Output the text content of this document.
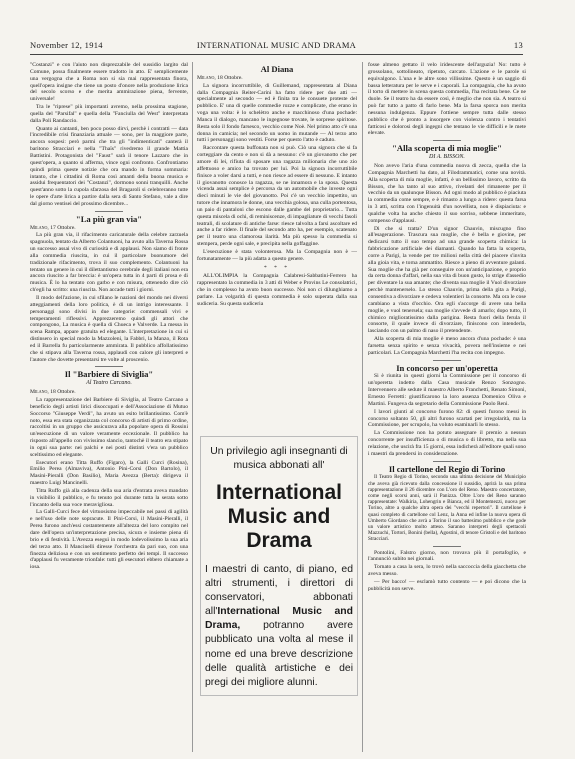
November 12, 1914	INTERNATIONAL MUSIC AND DRAMA	13

"Costanzi" e con l'aiuto non disprezzabile del sussidio largito dal Comune, possa finalmente essere tradotto in atto. E' semplicemente una vergogna che a Roma non si sia mai rappresentata finora, quell'opera insigne che tiene un posto d'onore nella produzione lirica del secolo scorso e che merita ammirazione piena, fervente, universale!

Tra le "riprese" più importanti avremo, nella prossima stagione, quella del "Parsifal" e quella della "Fanciulla del West" interpretata dalla Poli Randaccio.

Quanto ai cantanti, ben poco posso dirvi, perchè i contratti — data l'incredibile crisi finanziaria attuale — sono, per la maggiore parte, ancora sospesi: però parmi che tra gli "indimenticati" canterà il baritono Stracciari e nella "Thaïs" rivedremo il grande Mattia Battistini. Protagonista del "Faust" sarà il tenore Lazzaro che in quest'opera, a quanto si afferma, vince ogni confronto. Confrontiamo quindi prima queste notizie che ora mando in forma sommaria: intanto, che i cittadini di Roma così amanti della buona musica e assidui frequentatori dei "Costanzi", dormono sonni tranquilli. Anche quest'anno sotto la cupola sfarzosa del Bragaroli si celebreranno tutte le opere d'arte lirica a partire dalla sera di Santo Stefano, vale a dire dal giorno ventisei del prossimo dicembre...

"La più gran via"

Milano, 17 Ottobre.

La più gran via, il rifacimento caricaturale della celebre zarzuela spagnuola, tentato da Alberto Colantuoni, ha avuto alla Taverna Rossa un successo assai vivo di curiosità e di applausi. Non siamo di fronte alla commedia riuscita, in cui il particolare buonumore del tradizionale rifacimento, trova il suo complemento. Colantuoni ha tentato un genere in cui il dilettantismo cerebrale degli italiani non era ancora riuscito a far breccia: è un'opera tutta in 4 parti di prosa e di musica. È lo ha tentato con garbo e con misura, ottenendo dire ciò ch'egli ha scritto: una riuscita. Non accade tutti i giorni.

Il modo dell'azione, in cui sfilano le nazioni del mondo nei diversi atteggiamenti della loro politica, è di un intrigo interessante. I personaggi sono divisi in due categorie: commensali vivi e temperamenti riflessivi. Apprezzeremo quindi gli attori che compongono, La musica è quella di Chueca e Valverde. La messa in scena Rampa, appare gratuita ed elegante. L'interpretazione in cui si distinsero in special modo la Mazzoleni, la Fabbri, la Manzo, il Rota ed il Barrella fu particolarmente ammirata. Il pubblico affollatissimo che si stipava alla Taverna rossa, applaudì con calore gli interpreti e l'autore che dovette presentarsi tre volte al proscenio.

Il "Barbiere di Siviglia"
Al Teatro Carcano.

Milano, 18 Ottobre.

La rappresentazione del Barbiere di Siviglia, al Teatro Carcano a beneficio degli artisti lirici disoccupati e dell'Associazione di Mutuo Soccorso "Giuseppe Verdi", ha avuto un esito brillantissimo. Com'è noto, essa era stata organizzata col concorso di artisti di primo ordine, raccoltisi in un gruppo che assicurava alla popolare opera di Rossini un'esecuzione di un valore veramente eccezionale. Il pubblico ha risposto all'appello con vivissimo slancio, tantochè il teatro era stipato in ogni sua parte: nei palchi e nei posti distinti v'era un pubblico sceltissimo ed elegante.

Esecutori erano Titta Ruffo (Figaro), la Galli Curci (Rosina), Emilio Perea (Almaviva), Antonio Pini-Corsi (Don Bartolo), il Masini-Pieralli (Don Basilio), Maria Avezza (Berta): dirigeva il maestro Luigi Mancinelli.

Titta Ruffo già alla cadenza della sua aria d'entrata aveva mandato in visibilio il pubblico, e fu tenuto poi durante tutta la serata sotto l'incanto della sua voce meravigliosa.

La Galli-Curci fece del virtuosismo impeccabile nei passi di agilità e nell'uso delle note sopracute. Il Pini-Corsi, il Masini-Pieralli, il Perea furono anch'essi costantemente all'altezza del loro compito nel dare dell'opera un'interpretazione precisa, sicura e insieme piena di brio e di festività. L'Avezza eseguì in modo lodevolissimo la sua aria del terzo atto. Il Mancinelli diresse l'orchestra da pari suo, con una finezza deliziosa e con un sentimento perfetto dei tempi. Il successo d'applausi fu veramente trionfale: tutti gli esecutori ebbero chiamate a iosa.

Al Diana

Milano, 18 Ottobre.

La signora incorruttibile, di Guillemand, rappresentata al Diana dalla Compagnia Reiter-Carini ha fatto ridere per due atti — specialmente al secondo — ed è finita tra le consuete proteste del pubblico. E' una di quelle commedie rozze e complicate, che erano in voga una volta: è lo schelètro anche e macchinoso d'una pochade: Manca il dialogo, mancano le ingegnose trovate, le sorprese spiritose. Resta solo il fondo farsesco, vecchio come Noè. Nel primo atto c'è una donna in camicia; nel secondo un uomo in mutande — Al terzo atto tutti i personaggi sono vestiti. Forse per questo l'atto è caduto.

Raccontare questa buffonata non si può. Ciò una signora che si fa corteggiare da cento e non si dà a nessuno: c'è un giovanotto che per amore di lei, rifiuta di sposare una ragazza milionaria che uno zio affettuoso e amico ha trovato per lui. Poi la signora incorruttibile finisce a voler darsi a tutti, e non riesce ad essere di nessuno. E intanto il giovanotto conosce la ragazza, se ne innamora e la sposa. Questa vicenda assai semplice è percorsa da un automobile che investe ogni dieci minuti le vie del giovanotto. Poi c'è un vecchio impettito, un tutore che innamora le donne, una vecchia golosa, una culla portentosa, un paio di pantaloni che escono dalle gambe del proprietario... Tutta questa miscela di ochi, di reminiscenze, di impagliature di vecchi fasoli teatrali, di scolature di antiche farse: riesce talvolta a farsi ascoltare ed anche a far ridere. Il finale del secondo atto ha, per esempio, scatenato per il teatro una clamorosa ilarità. Ma più spesso la commedia si stempera, perde ogni sale, e precipita nella goffaggine.

L'esecuzione è stata volonterosa. Ma la Compagnia non è — fortunatamente — la più adatta a questo genere.

* * *

ALL'OLIMPIA la Compagnia Calabresi-Sabbatini-Ferrero ha rappresentato la commedia in 3 atti di Weber e Provins Le consolatrici, che in complesso ha avuto buon successo. Noi non ci dilunghiamo a parlare. La volgarità di questa commedia è solo superata dalla sua sudiceria. Su questa sudiceria

Un privilegio agli insegnanti di musica abbonati all'
International
Music and Drama
I maestri di canto, di piano, ed altri strumenti, i direttori di conservatori, abbonati all'International Music and Drama, potranno avere pubblicato una volta al mese il nome ed una breve descrizione delle qualità artistiche e dei pregi dei migliore alunni.

fosse almeno gettato il velo iridescente dell'arguzia! No: tutto è grossolano, sottolineato, ripetuto, carcato. L'azione e le parole si equivalgono. L'una e le altre sono villissime. Questo è un saggio di bassa letteratura per le serve e i caporali. La compagnia, che ha avuto il torto di mettere in scena questa commedia, l'ha recitata bene. Ce ne duole. Se il teatro ha da essere così, è meglio che non sia. A teatro si può far tutto a patto di farlo bene. Ma la farsa sporca non merita nessuna indulgenza. Eppure l'ottiene sempre tutta dalle stesso pubblico che è pronto a insorgere con violenza contro i tentativi fatticosi e dolorosi degli ingegni che tentano le vie difficili e le mete elevate.

"Alla scoperta di mia moglie"
DI A. BISSON.

Non avevo l'aria d'una commedia nuova di zecca, quella che la Compagnia Marchetti ha dato, al Filodrammatici, come una novità. Alla scoperta di mia moglie, infatti, è un bellissimo lavoro, scritto da Bisson, che ha tanto al suo attivo, rivelanti del rimanente per il vecchio da un qualunque Bisson. Ad ogni modo al pubblico è piaciuta la commedia come sempre, e è rimasto a lungo a ridere: questa farsa in 3 atti, scritta con l'ingenuità d'un novellista, non è dispiaciuta: e qualche volta ha anche chiesto il suo sorriso, sebbene immeritato, compenso d'applausi.

Di che si tratta? D'un signor Chauvin, miscugno fino all'esagerazione. Trascura sua moglie, che è bella e giovine, per dedicarsi tutto il suo tempo ad una grande scoperta chimica: la fabbricazione artificiale dei diamanti. Quando ha fatta la scoperta, corre a Parigi, la vende per tre milioni nella città del piacere s'invita alla gioia vita, e torna ammattito. Riesce a pieno di avventure galanti. Sua moglie che ha già per conseguire con un'anticipazione, e proprio da certa donna d'affari, nella sua vita di buon gusto, lo strige d'assedio per diventare la sua amante; che diventa sua moglie il Vuol divorziare perchè mantenerselo. Lo stesso Chauvin, prima della gita a Parigi, consentiva a divorziare e cedeva volentieri la consorte. Ma ora le cose cambiano a vista d'occhio. Ora egli s'accorge di avere una bella moglie, e vuol tenersela; sua moglie s'avvede di amarlo; dopo tutto, il chimico miglioratissimo dalla parigina. Resta fuori della ferula il consorte, il quale invece di divorziare, finiscono con intenderla, lasciando con un palmo di naso il pretendente.

Alla scoperta di mia moglie è meno ancora d'una pochade: è una farsetta senza spirito e senza vivacità, povera nell'insieme e nei particolari. La Compagnia Marchetti l'ha recita con impegno.

In concorso per un'operetta

Si è riunita in questi giorni la Commissione per il concorso di un'operetta indetto dalla Casa musicale Renzo Sonzogno. Intervennero alle sedute il maestro Alberto Franchetti, Renato Simoni, Ernesto Ferretti: giustificarono la loro assenza Domenico Oliva e Martini. Fungeva da segretario della Commissione Paolo Reni.

I lavori giunti al concorso furono 82: di questi furono messi in concorso soltanto 50, gli altri furono scartati per irregolarità, ma la Commissione, per scrupolo, ha voluto esaminarli lo stesso.

La Commissione non ha potuto assegnare il premio a nessun concorrente per insufficienza o di musica o di libretto, ma nella sua relazione, che uscirà fra 15 giorni, essa indicherà all'editore quali sono i maestri da prendersi in considerazione.

Il cartellone del Regio di Torino

Il Teatro Regio di Torino, secondo una ultima decisione del Municipio che aveva già ricevuto dalla concessione il sussidio, aprirà la sua prima rappresentazione il 26 dicembre con L'oro del Reno. Maestro concertatore, come negli scorsi anni, sarà il Panizza. Oltre L'oro del Reno saranno rappresentate: Walkiria, Lohengrin e Bianca, ed il Montemezzi, nuova per Torino, altre a qualche altra opera dei "vecchi repertori". Il cartellone è quasi completo di cartellone col Lenz, la Anna ed infine la nuova opera di Umberto Giordano che avrà a Torino il suo battesimo pubblico e che gode un valore artistico molto atteso. Saranno interpreti degli spettacoli Mazzuchi, Tortori, Bonini (bella), Agostini, di tenore Gristoli e del baritono Stracciari.

Pontolini, Falstro giorno, non trovava più il portafoglio, e l'annunciò subito nei giornali.

Tornato a casa la sera, lo trovò nella saccoccia della giacchetta che aveva messo.

— Per bacco! — esclamò tutto contento — e poi dicono che la pubblicità non serve.
